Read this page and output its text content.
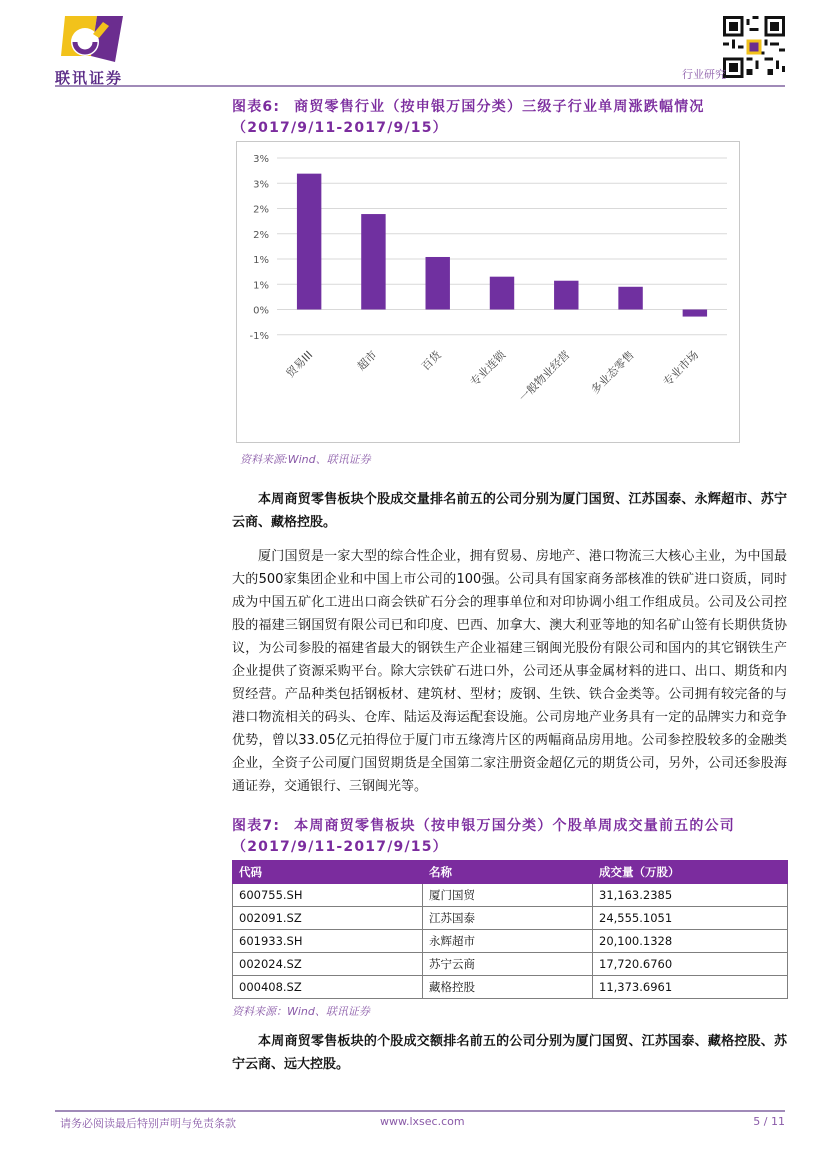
联讯证券	行业研究
图表6: 商贸零售行业（按申银万国分类）三级子行业单周涨跌幅情况
（2017/9/11-2017/9/15）
3%
3%
2%
2%
1%
1%
0%
-1%
贸易III	超市	百货 专业连锁 一般物业经营 多业态零售 专业市场
资料来源:Wind、联讯证券
本周商贸零售板块个股成交量排名前五的公司分别为厦门国贸、江苏国泰、永辉超市、苏宁云商、藏格控股。
厦门国贸是一家大型的综合性企业，拥有贸易、房地产、港口物流三大核心主业，为中国最大的500家集团企业和中国上市公司的100强。公司具有国家商务部核准的铁矿进口资质，同时成为中国五矿化工进出口商会铁矿石分会的理事单位和对印协调小组工作组成员。公司及公司控股的福建三钢国贸有限公司已和印度、巴西、加拿大、澳大利亚等地的知名矿山签有长期供货协议，为公司参股的福建省最大的钢铁生产企业福建三钢闽光股份有限公司和国内的其它钢铁生产企业提供了资源采购平台。除大宗铁矿石进口外，公司还从事金属材料的进口、出口、期货和内贸经营。产品种类包括钢板材、建筑材、型材；废钢、生铁、铁合金类等。公司拥有较完备的与港口物流相关的码头、仓库、陆运及海运配套设施。公司房地产业务具有一定的品牌实力和竞争优势，曾以33.05亿元拍得位于厦门市五缘湾片区的两幅商品房用地。公司参控股较多的金融类企业，全资子公司厦门国贸期货是全国第二家注册资金超亿元的期货公司，另外，公司还参股海通证券，交通银行、三钢闽光等。
图表7: 本周商贸零售板块（按申银万国分类）个股单周成交量前五的公司
（2017/9/11-2017/9/15）
代码	名称	成交量（万股）
600755.SH	厦门国贸	31,163.2385
002091.SZ	江苏国泰	24,555.1051
601933.SH	永辉超市	20,100.1328
002024.SZ	苏宁云商	17,720.6760
000408.SZ	藏格控股	11,373.6961
资料来源：Wind、联讯证券
本周商贸零售板块的个股成交额排名前五的公司分别为厦门国贸、江苏国泰、藏格控股、苏宁云商、远大控股。
请务必阅读最后特别声明与免责条款	www.lxsec.com	5 / 11
